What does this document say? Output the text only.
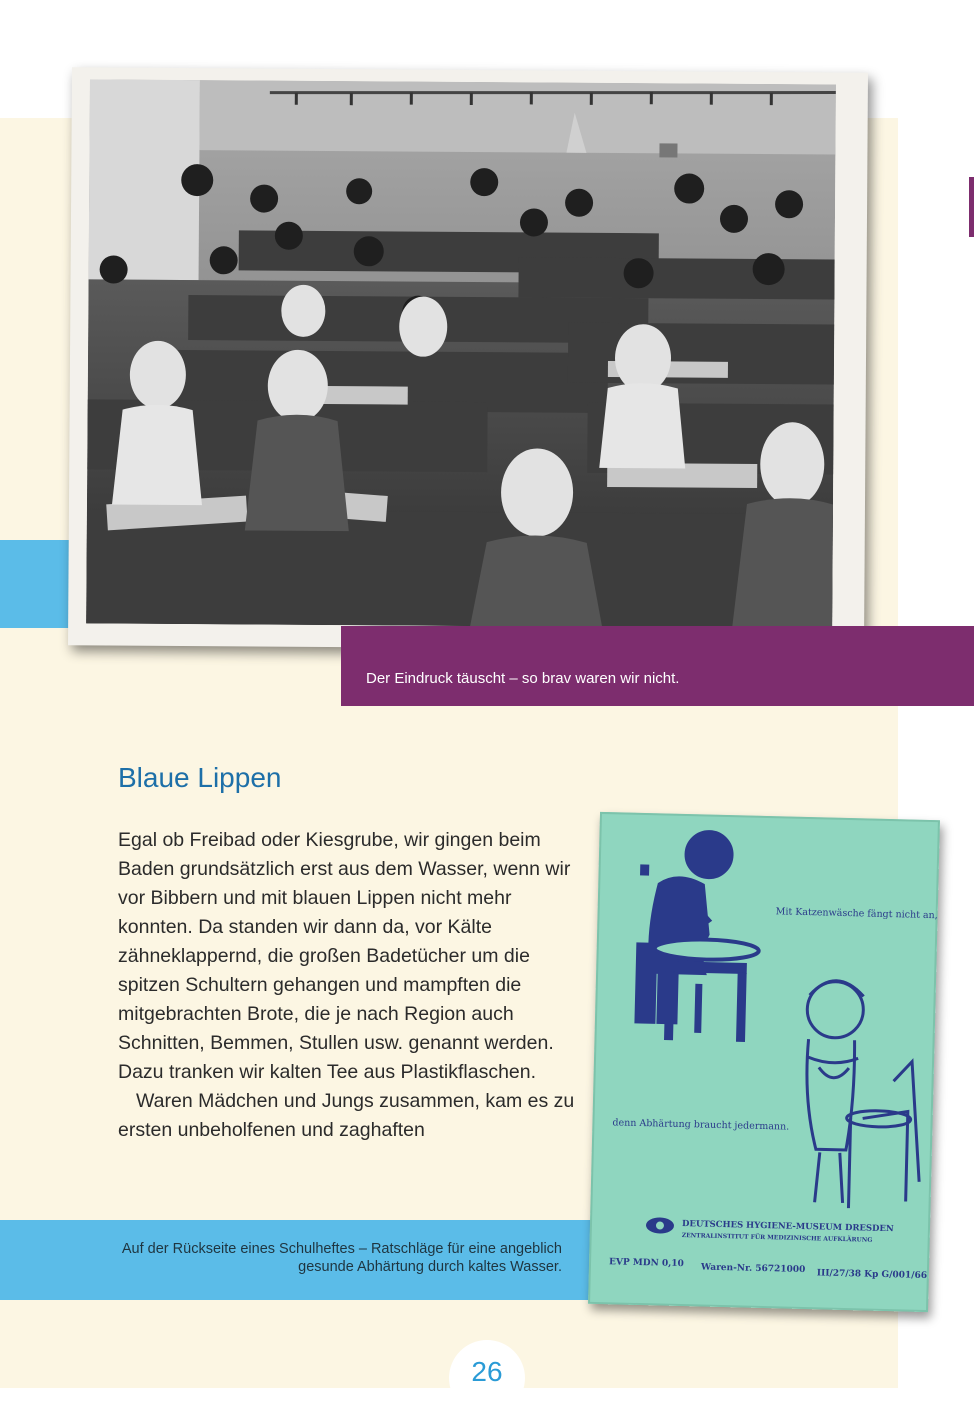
Der Eindruck täuscht – so brav waren wir nicht.
Blaue Lippen

Egal ob Freibad oder Kiesgrube, wir gingen beim Baden grundsätzlich erst aus dem Wasser, wenn wir vor Bibbern und mit blauen Lippen nicht mehr konnten. Da standen wir dann da, vor Kälte zähneklappernd, die großen Badetücher um die spitzen Schultern gehangen und mampften die mitgebrachten Brote, die je nach Region auch Schnitten, Bemmen, Stullen usw. genannt werden. Dazu tranken wir kalten Tee aus Plastikflaschen.

Waren Mädchen und Jungs zusammen, kam es zu ersten unbeholfenen und zaghaften

Auf der Rückseite eines Schulheftes – Ratschläge für eine angeblich gesunde Abhärtung durch kaltes Wasser.
Mit Katzenwäsche fängt nicht an,
denn Abhärtung braucht jedermann.
DEUTSCHES HYGIENE-MUSEUM DRESDEN
ZENTRALINSTITUT FÜR MEDIZINISCHE AUFKLÄRUNG
EVP MDN 0,10 Waren-Nr. 56721000 III/27/38 Kp G/001/66
26
